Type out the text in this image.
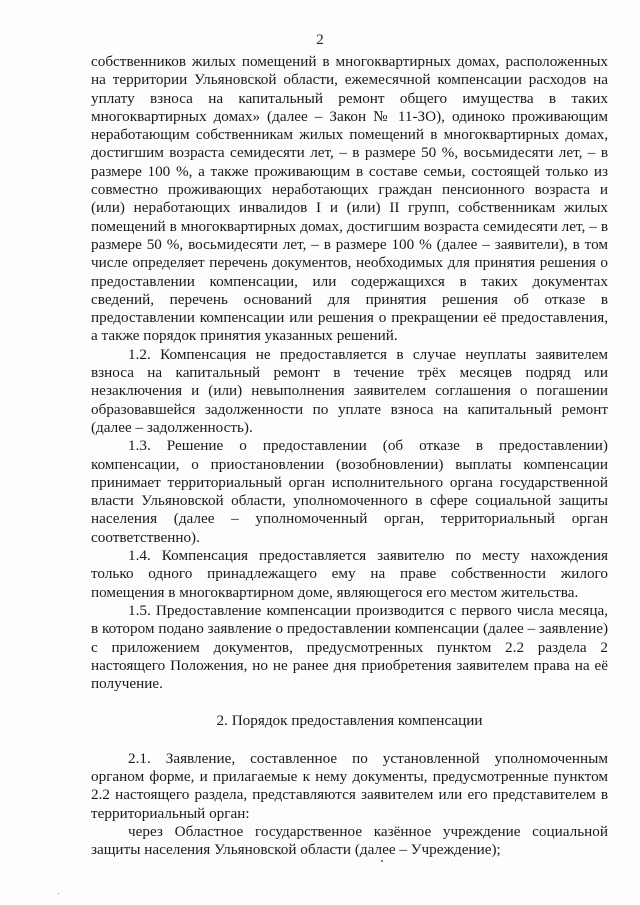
2

собственников жилых помещений в многоквартирных домах, расположенных на территории Ульяновской области, ежемесячной компенсации расходов на уплату взноса на капитальный ремонт общего имущества в таких многоквартирных домах» (далее – Закон № 11-ЗО), одиноко проживающим неработающим собственникам жилых помещений в многоквартирных домах, достигшим возраста семидесяти лет, – в размере 50 %, восьмидесяти лет, – в размере 100 %, а также проживающим в составе семьи, состоящей только из совместно проживающих неработающих граждан пенсионного возраста и (или) неработающих инвалидов I и (или) II групп, собственникам жилых помещений в многоквартирных домах, достигшим возраста семидесяти лет, – в размере 50 %, восьмидесяти лет, – в размере 100 % (далее – заявители), в том числе определяет перечень документов, необходимых для принятия решения о предоставлении компенсации, или содержащихся в таких документах сведений, перечень оснований для принятия решения об отказе в предоставлении компенсации или решения о прекращении её предоставления, а также порядок принятия указанных решений.

1.2. Компенсация не предоставляется в случае неуплаты заявителем взноса на капитальный ремонт в течение трёх месяцев подряд или незаключения и (или) невыполнения заявителем соглашения о погашении образовавшейся задолженности по уплате взноса на капитальный ремонт (далее – задолженность).

1.3. Решение о предоставлении (об отказе в предоставлении) компенсации, о приостановлении (возобновлении) выплаты компенсации принимает территориальный орган исполнительного органа государственной власти Ульяновской области, уполномоченного в сфере социальной защиты населения (далее – уполномоченный орган, территориальный орган соответственно).

1.4. Компенсация предоставляется заявителю по месту нахождения только одного принадлежащего ему на праве собственности жилого помещения в многоквартирном доме, являющегося его местом жительства.

1.5. Предоставление компенсации производится с первого числа месяца, в котором подано заявление о предоставлении компенсации (далее – заявление) с приложением документов, предусмотренных пунктом 2.2 раздела 2 настоящего Положения, но не ранее дня приобретения заявителем права на её получение.

2. Порядок предоставления компенсации

2.1. Заявление, составленное по установленной уполномоченным органом форме, и прилагаемые к нему документы, предусмотренные пунктом 2.2 настоящего раздела, представляются заявителем или его представителем в территориальный орган:

через Областное государственное казённое учреждение социальной защиты населения Ульяновской области (далее – Учреждение);
